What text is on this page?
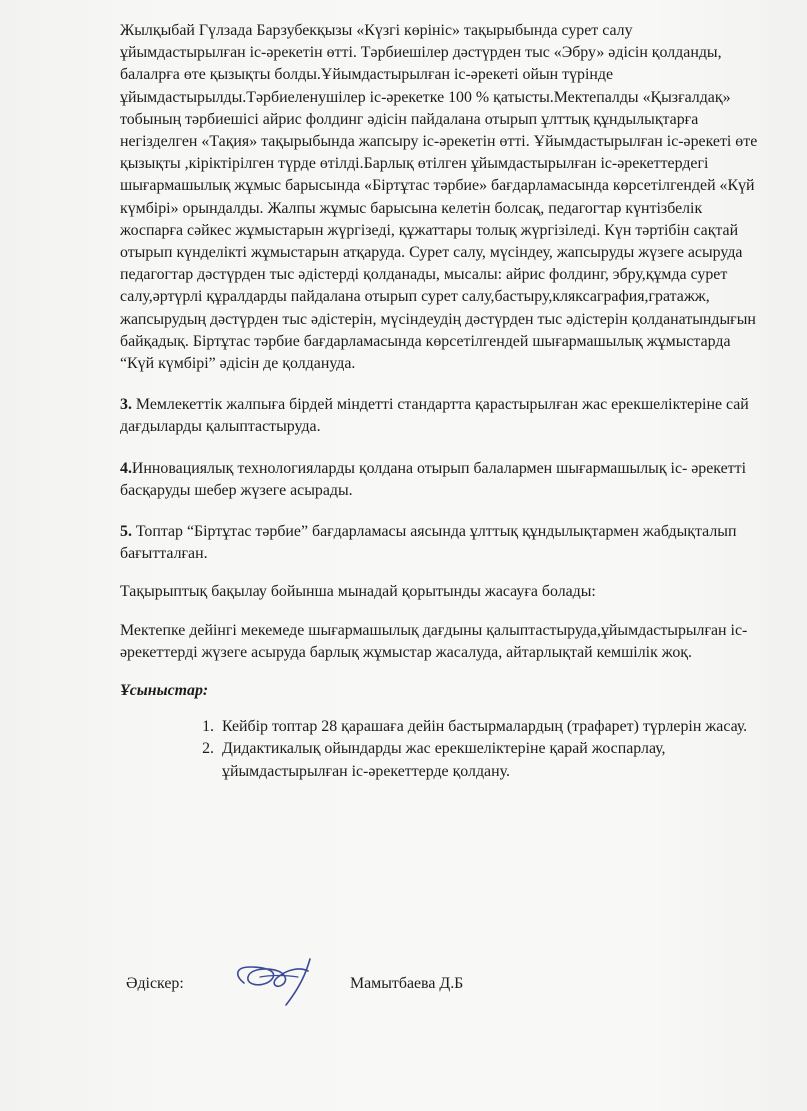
Жылқыбай Гүлзада Барзубекқызы «Күзгі көрініс» тақырыбында сурет салу ұйымдастырылған іс-әрекетін өтті. Тәрбиешілер дәстүрден тыс «Эбру» әдісін қолданды, балалрға өте қызықты болды.Ұйымдастырылған іс-әрекеті ойын түрінде ұйымдастырылды.Тәрбиеленушілер іс-әрекетке 100 % қатысты.Мектепалды «Қызғалдақ» тобының тәрбиешісі айрис фолдинг әдісін пайдалана отырып ұлттық құндылықтарға негізделген «Тақия» тақырыбында жапсыру іс-әрекетін өтті. Ұйымдастырылған іс-әрекеті өте қызықты ,кіріктірілген түрде өтілді.Барлық өтілген ұйымдастырылған іс-әрекеттердегі шығармашылық жұмыс барысында «Біртұтас тәрбие» бағдарламасында көрсетілгендей «Күй күмбірі» орындалды. Жалпы жұмыс барысына келетін болсақ, педагогтар күнтізбелік жоспарға сәйкес жұмыстарын жүргізеді, құжаттары толық жүргізіледі. Күн тәртібін сақтай отырып күнделікті жұмыстарын атқаруда. Сурет салу, мүсіндеу, жапсыруды жүзеге асыруда педагогтар дәстүрден тыс әдістерді қолданады, мысалы: айрис фолдинг, эбру,құмда сурет салу,әртүрлі құралдарды пайдалана отырып сурет салу,бастыру,кляксаграфия,гратажж, жапсырудың дәстүрден тыс әдістерін, мүсіндеудің дәстүрден тыс әдістерін қолданатындығын байқадық. Біртұтас тәрбие бағдарламасында көрсетілгендей шығармашылық жұмыстарда “Күй күмбірі” әдісін де қолдануда.

3. Мемлекеттік жалпыға бірдей міндетті стандартта қарастырылған жас ерекшеліктеріне сай дағдыларды қалыптастыруда.

4.Инновациялық технологияларды қолдана отырып балалармен шығармашылық іс- әрекетті басқаруды шебер жүзеге асырады.

5. Топтар “Біртұтас тәрбие” бағдарламасы аясында ұлттық құндылықтармен жабдықталып бағытталған.

Тақырыптық бақылау бойынша мынадай қорытынды жасауға болады:

Мектепке дейінгі мекемеде шығармашылық дағдыны қалыптастыруда,ұйымдастырылған іс-әрекеттерді жүзеге асыруда барлық жұмыстар жасалуда, айтарлықтай кемшілік жоқ.

Ұсыныстар:

1. Кейбір топтар 28 қарашаға дейін бастырмалардың (трафарет) түрлерін жасау.
2. Дидактикалық ойындарды жас ерекшеліктеріне қарай жоспарлау, ұйымдастырылған іс-әрекеттерде қолдану.
Әдіскер:	Мамытбаева Д.Б
